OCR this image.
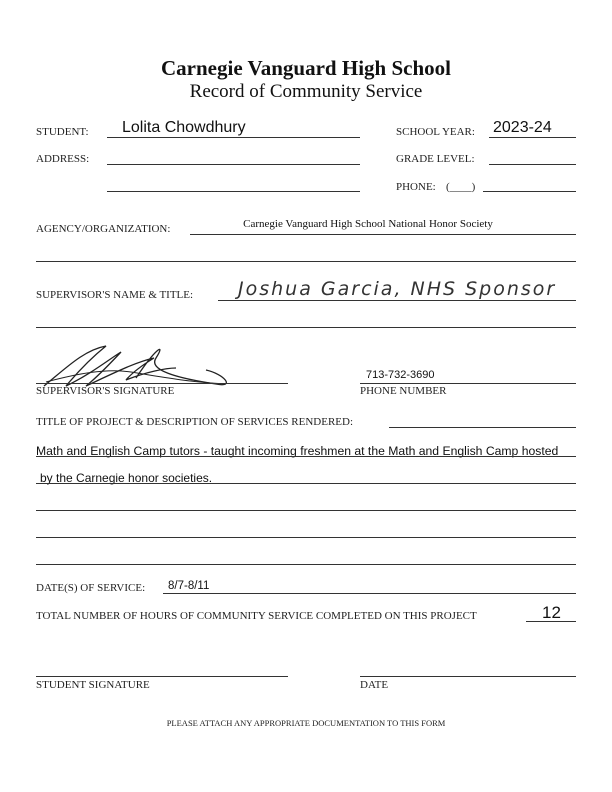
Carnegie Vanguard High School
Record of Community Service
STUDENT: Lolita Chowdhury	SCHOOL YEAR: 2023-24
ADDRESS:	GRADE LEVEL:
PHONE: (____)
AGENCY/ORGANIZATION:	Carnegie Vanguard High School National Honor Society
SUPERVISOR'S NAME & TITLE: Joshua Garcia, NHS Sponsor
SUPERVISOR'S SIGNATURE
713-732-3690
PHONE NUMBER
TITLE OF PROJECT & DESCRIPTION OF SERVICES RENDERED:
Math and English Camp tutors - taught incoming freshmen at the Math and English Camp hosted
by the Carnegie honor societies.
DATE(S) OF SERVICE: 8/7-8/11
TOTAL NUMBER OF HOURS OF COMMUNITY SERVICE COMPLETED ON THIS PROJECT	12
STUDENT SIGNATURE	DATE
PLEASE ATTACH ANY APPROPRIATE DOCUMENTATION TO THIS FORM
